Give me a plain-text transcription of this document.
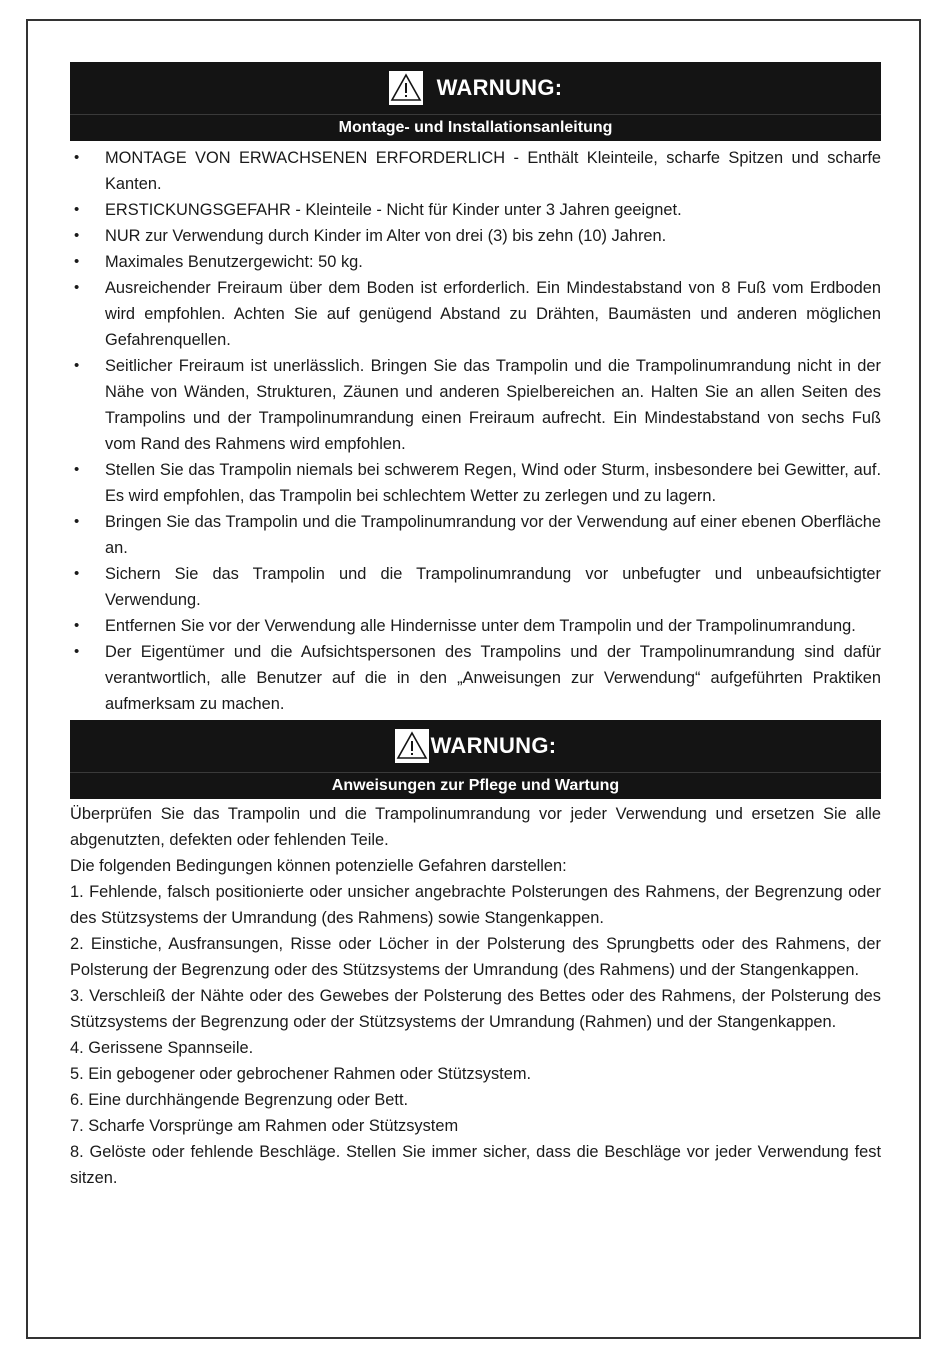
WARNUNG:
Montage- und Installationsanleitung
• MONTAGE VON ERWACHSENEN ERFORDERLICH - Enthält Kleinteile, scharfe Spitzen und scharfe Kanten.
• ERSTICKUNGSGEFAHR - Kleinteile - Nicht für Kinder unter 3 Jahren geeignet.
• NUR zur Verwendung durch Kinder im Alter von drei (3) bis zehn (10) Jahren.
• Maximales Benutzergewicht: 50 kg.
• Ausreichender Freiraum über dem Boden ist erforderlich. Ein Mindestabstand von 8 Fuß vom Erdboden wird empfohlen. Achten Sie auf genügend Abstand zu Drähten, Baumästen und anderen möglichen Gefahrenquellen.
• Seitlicher Freiraum ist unerlässlich. Bringen Sie das Trampolin und die Trampolinumrandung nicht in der Nähe von Wänden, Strukturen, Zäunen und anderen Spielbereichen an. Halten Sie an allen Seiten des Trampolins und der Trampolinumrandung einen Freiraum aufrecht. Ein Mindestabstand von sechs Fuß vom Rand des Rahmens wird empfohlen.
• Stellen Sie das Trampolin niemals bei schwerem Regen, Wind oder Sturm, insbesondere bei Gewitter, auf. Es wird empfohlen, das Trampolin bei schlechtem Wetter zu zerlegen und zu lagern.
• Bringen Sie das Trampolin und die Trampolinumrandung vor der Verwendung auf einer ebenen Oberfläche an.
• Sichern Sie das Trampolin und die Trampolinumrandung vor unbefugter und unbeaufsichtigter Verwendung.
• Entfernen Sie vor der Verwendung alle Hindernisse unter dem Trampolin und der Trampolinumrandung.
• Der Eigentümer und die Aufsichtspersonen des Trampolins und der Trampolinumrandung sind dafür verantwortlich, alle Benutzer auf die in den „Anweisungen zur Verwendung“ aufgeführten Praktiken aufmerksam zu machen.
WARNUNG:
Anweisungen zur Pflege und Wartung

Überprüfen Sie das Trampolin und die Trampolinumrandung vor jeder Verwendung und ersetzen Sie alle abgenutzten, defekten oder fehlenden Teile.

Die folgenden Bedingungen können potenzielle Gefahren darstellen:

1. Fehlende, falsch positionierte oder unsicher angebrachte Polsterungen des Rahmens, der Begrenzung oder des Stützsystems der Umrandung (des Rahmens) sowie Stangenkappen.

2. Einstiche, Ausfransungen, Risse oder Löcher in der Polsterung des Sprungbetts oder des Rahmens, der Polsterung der Begrenzung oder des Stützsystems der Umrandung (des Rahmens) und der Stangenkappen.

3. Verschleiß der Nähte oder des Gewebes der Polsterung des Bettes oder des Rahmens, der Polsterung des Stützsystems der Begrenzung oder der Stützsystems der Umrandung (Rahmen) und der Stangenkappen.

4. Gerissene Spannseile.

5. Ein gebogener oder gebrochener Rahmen oder Stützsystem.

6. Eine durchhängende Begrenzung oder Bett.

7. Scharfe Vorsprünge am Rahmen oder Stützsystem

8. Gelöste oder fehlende Beschläge. Stellen Sie immer sicher, dass die Beschläge vor jeder Verwendung fest sitzen.
